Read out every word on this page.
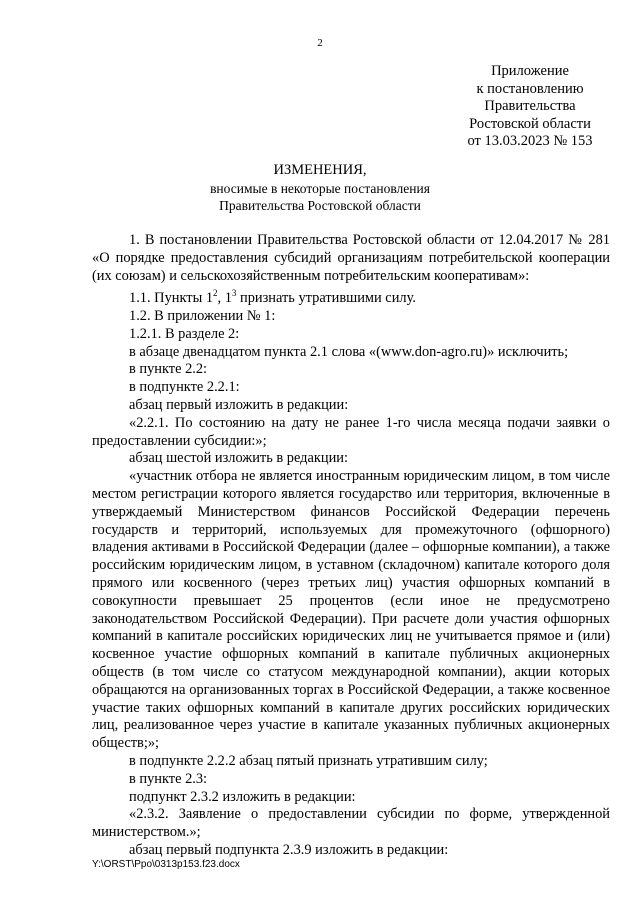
2
Приложение
к постановлению
Правительства
Ростовской области
от 13.03.2023 № 153
ИЗМЕНЕНИЯ,
вносимые в некоторые постановления
Правительства Ростовской области

1. В постановлении Правительства Ростовской области от 12.04.2017 № 281 «О порядке предоставления субсидий организациям потребительской кооперации (их союзам) и сельскохозяйственным потребительским кооперативам»:

1.1. Пункты $1^2$, $1^3$ признать утратившими силу.

1.2. В приложении № 1:

1.2.1. В разделе 2:

в абзаце двенадцатом пункта 2.1 слова «(www.don-agro.ru)» исключить;

в пункте 2.2:

в подпункте 2.2.1:

абзац первый изложить в редакции:

«2.2.1. По состоянию на дату не ранее 1-го числа месяца подачи заявки о предоставлении субсидии:»;

абзац шестой изложить в редакции:

«участник отбора не является иностранным юридическим лицом, в том числе местом регистрации которого является государство или территория, включенные в утверждаемый Министерством финансов Российской Федерации перечень государств и территорий, используемых для промежуточного (офшорного) владения активами в Российской Федерации (далее – офшорные компании), а также российским юридическим лицом, в уставном (складочном) капитале которого доля прямого или косвенного (через третьих лиц) участия офшорных компаний в совокупности превышает 25 процентов (если иное не предусмотрено законодательством Российской Федерации). При расчете доли участия офшорных компаний в капитале российских юридических лиц не учитывается прямое и (или) косвенное участие офшорных компаний в капитале публичных акционерных обществ (в том числе со статусом международной компании), акции которых обращаются на организованных торгах в Российской Федерации, а также косвенное участие таких офшорных компаний в капитале других российских юридических лиц, реализованное через участие в капитале указанных публичных акционерных обществ;»;

в подпункте 2.2.2 абзац пятый признать утратившим силу;

в пункте 2.3:

подпункт 2.3.2 изложить в редакции:

«2.3.2. Заявление о предоставлении субсидии по форме, утвержденной министерством.»;

абзац первый подпункта 2.3.9 изложить в редакции:

Y:\ORST\Ppo\0313p153.f23.docx
